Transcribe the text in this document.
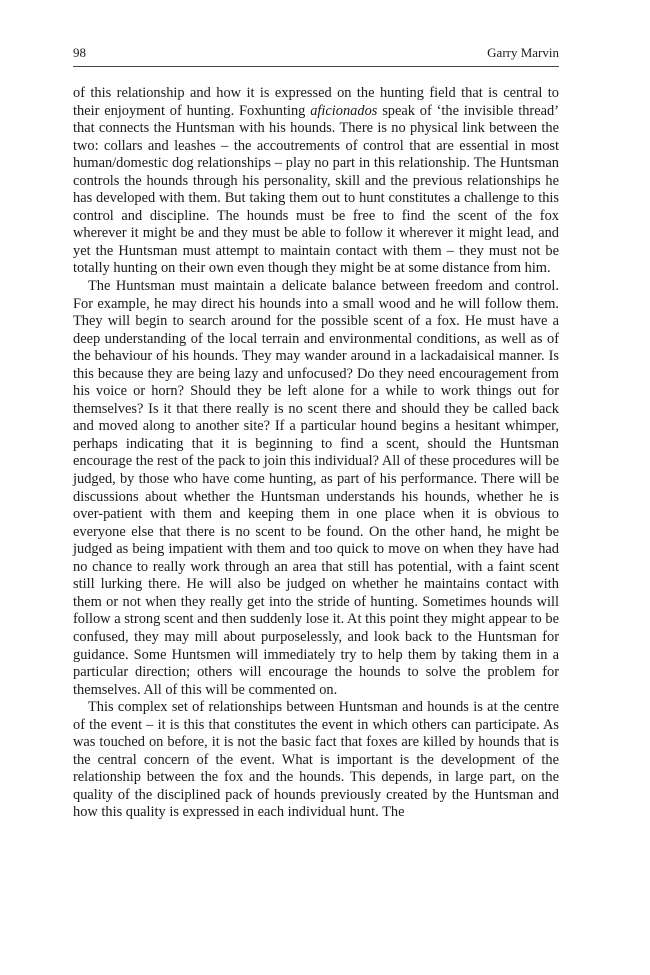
98	Garry Marvin

of this relationship and how it is expressed on the hunting field that is central to their enjoyment of hunting. Foxhunting aficionados speak of ‘the invisible thread’ that connects the Huntsman with his hounds. There is no physical link between the two: collars and leashes – the accoutrements of control that are essential in most human/domestic dog relationships – play no part in this relationship. The Huntsman controls the hounds through his personality, skill and the previous relationships he has developed with them. But taking them out to hunt constitutes a challenge to this control and discipline. The hounds must be free to find the scent of the fox wherever it might be and they must be able to follow it wherever it might lead, and yet the Huntsman must attempt to maintain contact with them – they must not be totally hunting on their own even though they might be at some distance from him.

The Huntsman must maintain a delicate balance between freedom and control. For example, he may direct his hounds into a small wood and he will follow them. They will begin to search around for the possible scent of a fox. He must have a deep understanding of the local terrain and environmental conditions, as well as of the behaviour of his hounds. They may wander around in a lackadaisical manner. Is this because they are being lazy and unfocused? Do they need encouragement from his voice or horn? Should they be left alone for a while to work things out for themselves? Is it that there really is no scent there and should they be called back and moved along to another site? If a particular hound begins a hesitant whimper, perhaps indicating that it is beginning to find a scent, should the Huntsman encourage the rest of the pack to join this individual? All of these procedures will be judged, by those who have come hunting, as part of his performance. There will be discussions about whether the Huntsman understands his hounds, whether he is over-patient with them and keeping them in one place when it is obvious to everyone else that there is no scent to be found. On the other hand, he might be judged as being impatient with them and too quick to move on when they have had no chance to really work through an area that still has potential, with a faint scent still lurking there. He will also be judged on whether he maintains contact with them or not when they really get into the stride of hunting. Sometimes hounds will follow a strong scent and then suddenly lose it. At this point they might appear to be confused, they may mill about purposelessly, and look back to the Huntsman for guidance. Some Huntsmen will immediately try to help them by taking them in a particular direction; others will encourage the hounds to solve the problem for themselves. All of this will be commented on.

This complex set of relationships between Huntsman and hounds is at the centre of the event – it is this that constitutes the event in which others can participate. As was touched on before, it is not the basic fact that foxes are killed by hounds that is the central concern of the event. What is important is the development of the relationship between the fox and the hounds. This depends, in large part, on the quality of the disciplined pack of hounds previously created by the Huntsman and how this quality is expressed in each individual hunt. The
